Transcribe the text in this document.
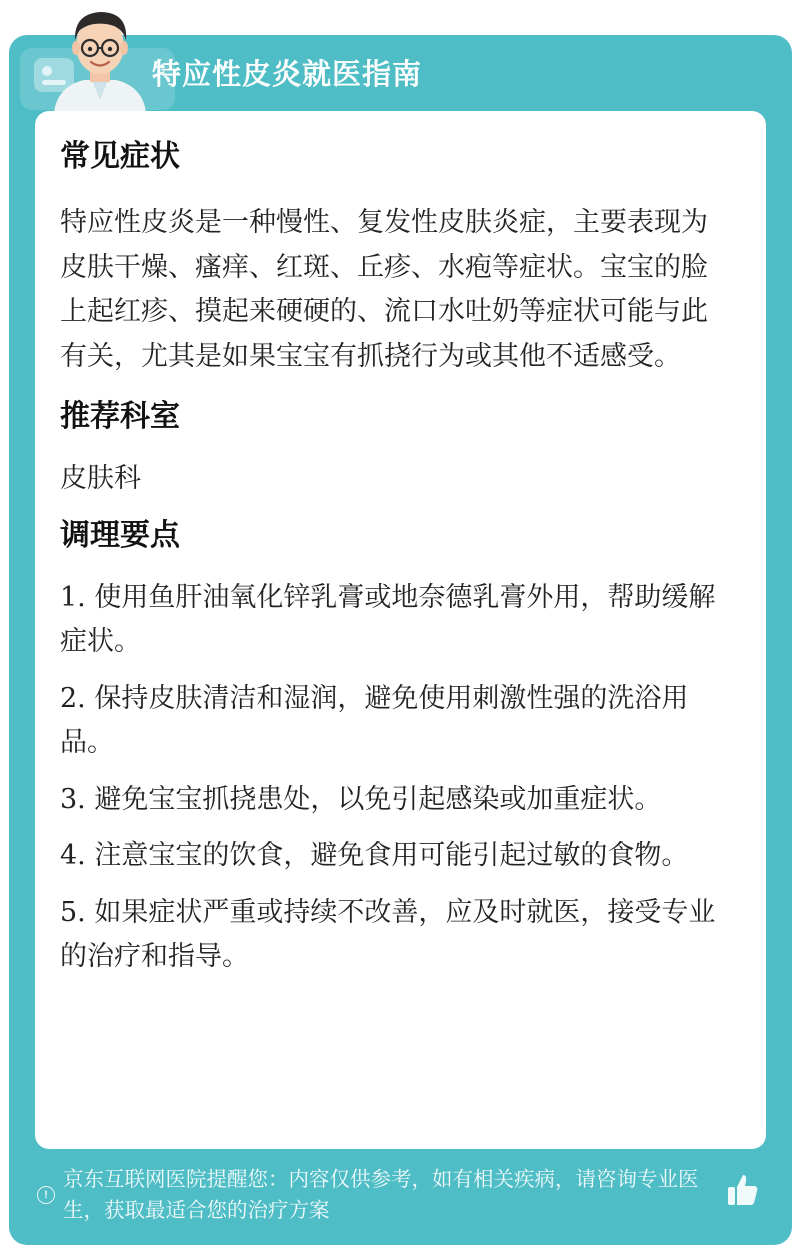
特应性皮炎就医指南
常见症状

特应性皮炎是一种慢性、复发性皮肤炎症，主要表现为皮肤干燥、瘙痒、红斑、丘疹、水疱等症状。宝宝的脸上起红疹、摸起来硬硬的、流口水吐奶等症状可能与此有关，尤其是如果宝宝有抓挠行为或其他不适感受。

推荐科室

皮肤科

调理要点

1. 使用鱼肝油氧化锌乳膏或地奈德乳膏外用，帮助缓解症状。

2. 保持皮肤清洁和湿润，避免使用刺激性强的洗浴用品。

3. 避免宝宝抓挠患处，以免引起感染或加重症状。

4. 注意宝宝的饮食，避免食用可能引起过敏的食物。

5. 如果症状严重或持续不改善，应及时就医，接受专业的治疗和指导。

!
京东互联网医院提醒您：内容仅供参考，如有相关疾病，请咨询专业医生，获取最适合您的治疗方案
